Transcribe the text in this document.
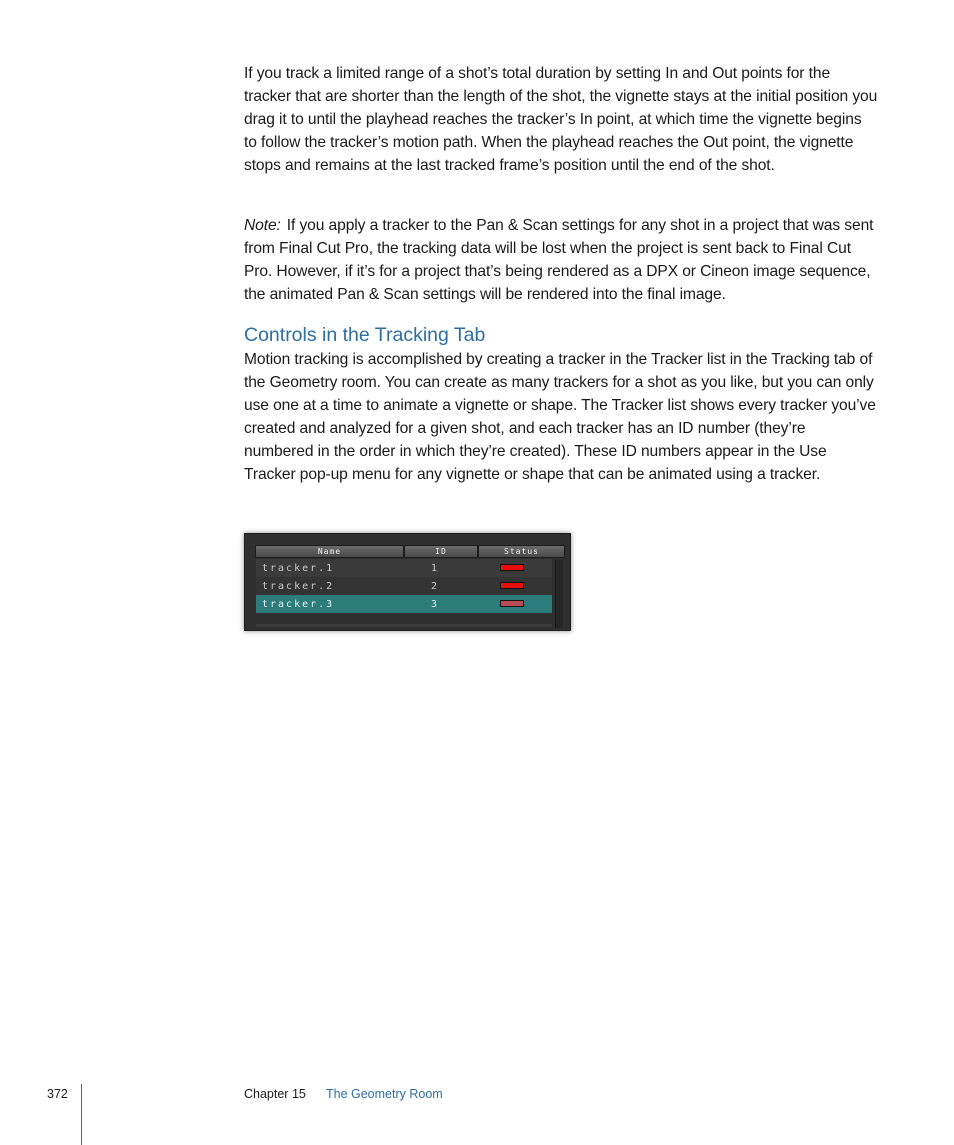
If you track a limited range of a shot’s total duration by setting In and Out points for the tracker that are shorter than the length of the shot, the vignette stays at the initial position you drag it to until the playhead reaches the tracker’s In point, at which time the vignette begins to follow the tracker’s motion path. When the playhead reaches the Out point, the vignette stops and remains at the last tracked frame’s position until the end of the shot.

Note: If you apply a tracker to the Pan & Scan settings for any shot in a project that was sent from Final Cut Pro, the tracking data will be lost when the project is sent back to Final Cut Pro. However, if it’s for a project that’s being rendered as a DPX or Cineon image sequence, the animated Pan & Scan settings will be rendered into the final image.

Controls in the Tracking Tab

Motion tracking is accomplished by creating a tracker in the Tracker list in the Tracking tab of the Geometry room. You can create as many trackers for a shot as you like, but you can only use one at a time to animate a vignette or shape. The Tracker list shows every tracker you’ve created and analyzed for a given shot, and each tracker has an ID number (they’re numbered in the order in which they’re created). These ID numbers appear in the Use Tracker pop-up menu for any vignette or shape that can be animated using a tracker.

Name	ID	Status
tracker.1	1
tracker.2	2
tracker.3	3
372	Chapter 15 The Geometry Room
